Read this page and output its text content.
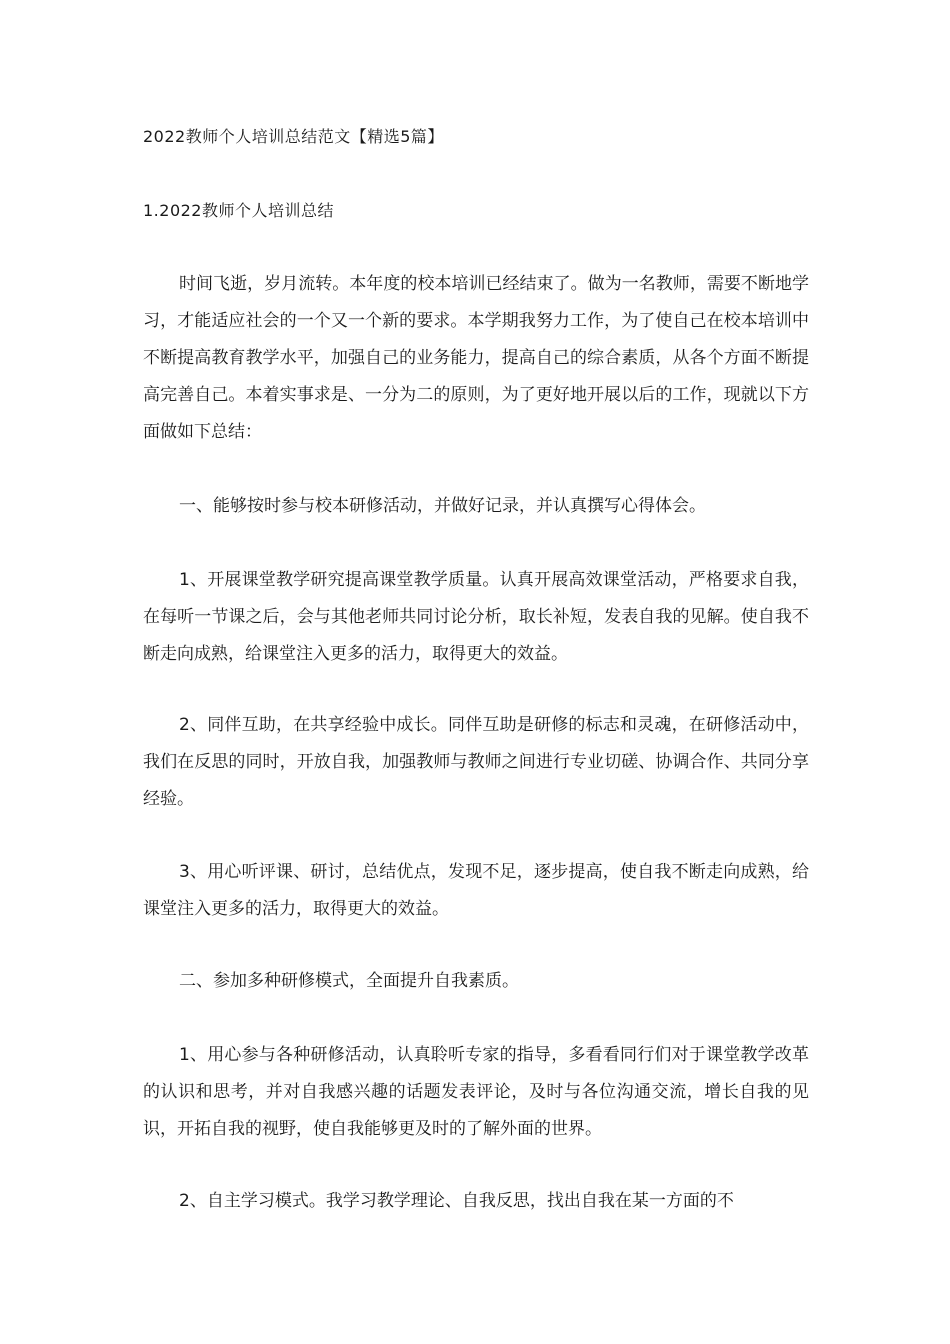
2022教师个人培训总结范文【精选5篇】
1.2022教师个人培训总结

时间飞逝，岁月流转。本年度的校本培训已经结束了。做为一名教师，需要不断地学习，才能适应社会的一个又一个新的要求。本学期我努力工作，为了使自己在校本培训中不断提高教育教学水平，加强自己的业务能力，提高自己的综合素质，从各个方面不断提高完善自己。本着实事求是、一分为二的原则，为了更好地开展以后的工作，现就以下方面做如下总结：

一、能够按时参与校本研修活动，并做好记录，并认真撰写心得体会。

1、开展课堂教学研究提高课堂教学质量。认真开展高效课堂活动，严格要求自我，在每听一节课之后，会与其他老师共同讨论分析，取长补短，发表自我的见解。使自我不断走向成熟，给课堂注入更多的活力，取得更大的效益。

2、同伴互助，在共享经验中成长。同伴互助是研修的标志和灵魂，在研修活动中，我们在反思的同时，开放自我，加强教师与教师之间进行专业切磋、协调合作、共同分享经验。

3、用心听评课、研讨，总结优点，发现不足，逐步提高，使自我不断走向成熟，给课堂注入更多的活力，取得更大的效益。

二、参加多种研修模式，全面提升自我素质。

1、用心参与各种研修活动，认真聆听专家的指导，多看看同行们对于课堂教学改革的认识和思考，并对自我感兴趣的话题发表评论，及时与各位沟通交流，增长自我的见识，开拓自我的视野，使自我能够更及时的了解外面的世界。

2、自主学习模式。我学习教学理论、自我反思，找出自我在某一方面的不
